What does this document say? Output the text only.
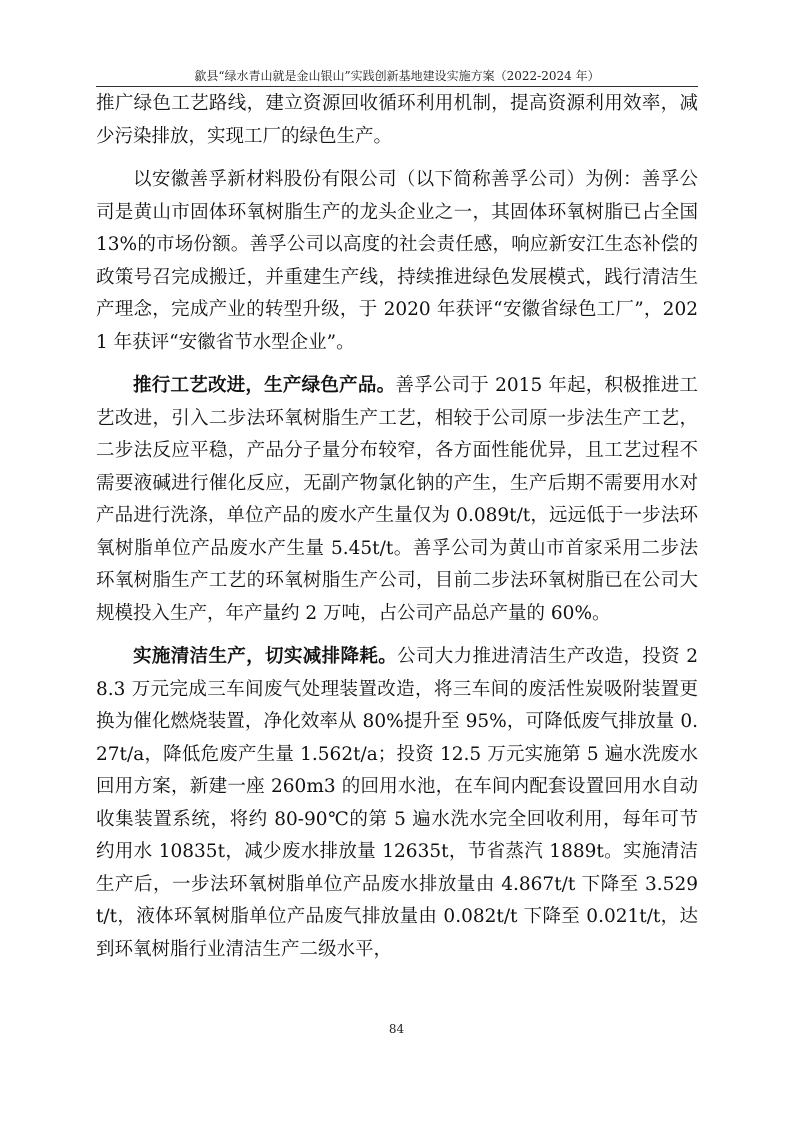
歙县“绿水青山就是金山银山”实践创新基地建设实施方案（2022-2024 年）

推广绿色工艺路线，建立资源回收循环利用机制，提高资源利用效率，减少污染排放，实现工厂的绿色生产。

以安徽善孚新材料股份有限公司（以下简称善孚公司）为例：善孚公司是黄山市固体环氧树脂生产的龙头企业之一，其固体环氧树脂已占全国13%的市场份额。善孚公司以高度的社会责任感，响应新安江生态补偿的政策号召完成搬迁，并重建生产线，持续推进绿色发展模式，践行清洁生产理念，完成产业的转型升级，于 2020 年获评“安徽省绿色工厂”，2021 年获评“安徽省节水型企业”。

推行工艺改进，生产绿色产品。善孚公司于 2015 年起，积极推进工艺改进，引入二步法环氧树脂生产工艺，相较于公司原一步法生产工艺，二步法反应平稳，产品分子量分布较窄，各方面性能优异，且工艺过程不需要液碱进行催化反应，无副产物氯化钠的产生，生产后期不需要用水对产品进行洗涤，单位产品的废水产生量仅为 0.089t/t，远远低于一步法环氧树脂单位产品废水产生量 5.45t/t。善孚公司为黄山市首家采用二步法环氧树脂生产工艺的环氧树脂生产公司，目前二步法环氧树脂已在公司大规模投入生产，年产量约 2 万吨，占公司产品总产量的 60%。

实施清洁生产，切实减排降耗。公司大力推进清洁生产改造，投资 28.3 万元完成三车间废气处理装置改造，将三车间的废活性炭吸附装置更换为催化燃烧装置，净化效率从 80%提升至 95%，可降低废气排放量 0.27t/a，降低危废产生量 1.562t/a；投资 12.5 万元实施第 5 遍水洗废水回用方案，新建一座 260m3 的回用水池，在车间内配套设置回用水自动收集装置系统，将约 80-90℃的第 5 遍水洗水完全回收利用，每年可节约用水 10835t，减少废水排放量 12635t，节省蒸汽 1889t。实施清洁生产后，一步法环氧树脂单位产品废水排放量由 4.867t/t 下降至 3.529t/t，液体环氧树脂单位产品废气排放量由 0.082t/t 下降至 0.021t/t，达到环氧树脂行业清洁生产二级水平，

84
